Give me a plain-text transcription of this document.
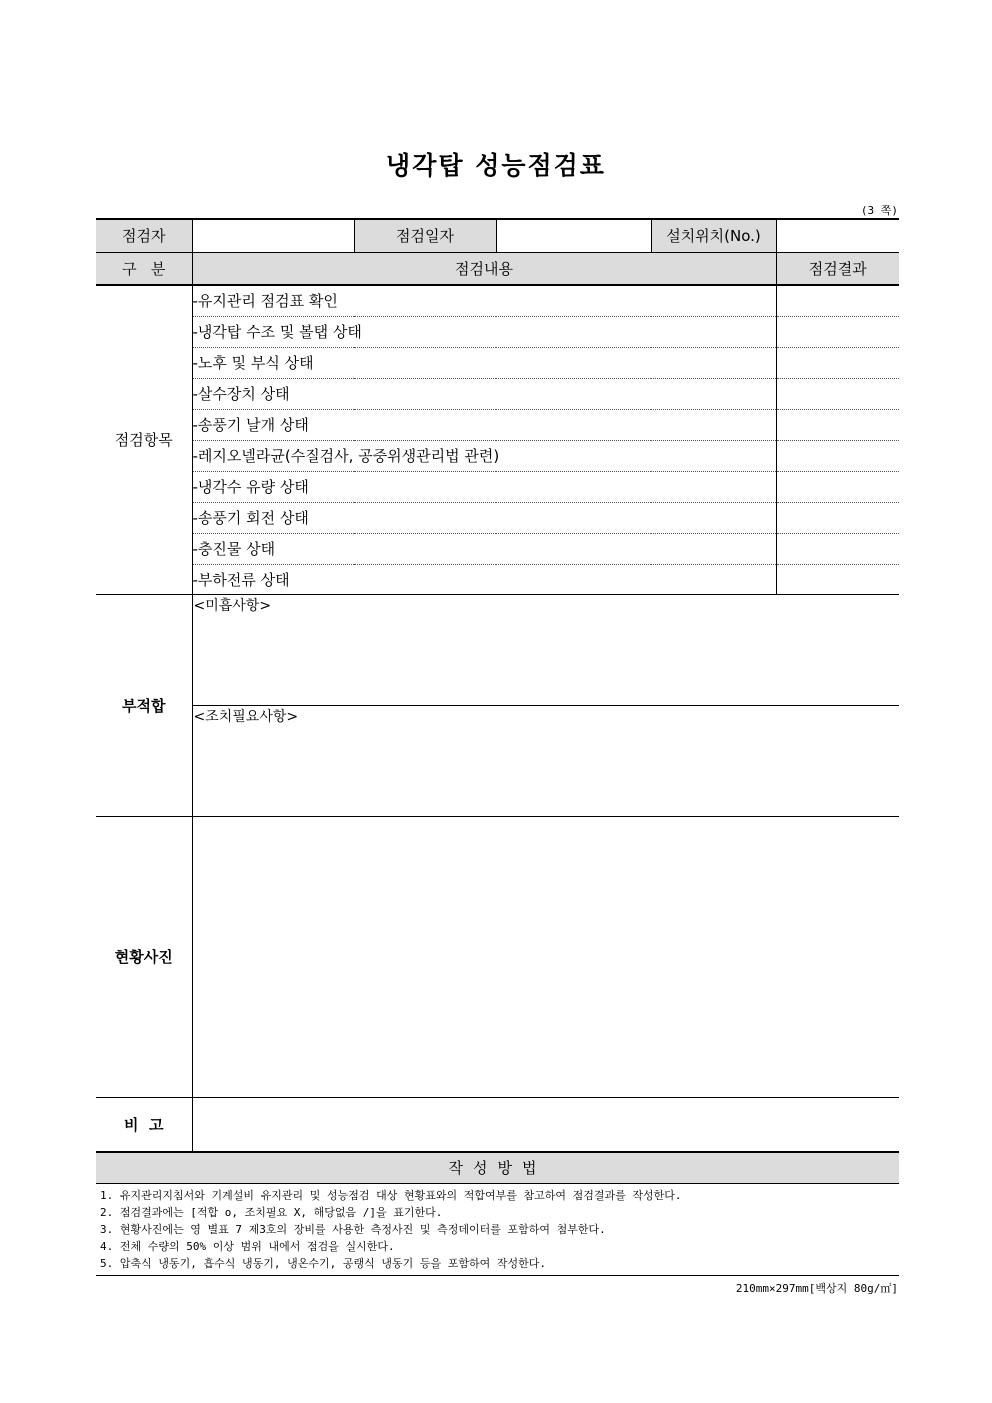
냉각탑 성능점검표
(3 쪽)
점검자		점검일자		설치위치(No.)	
구   분	점검내용				점검결과
점검항목	-유지관리 점검표 확인				
	-냉각탑 수조 및 볼탭 상태				
	-노후 및 부식 상태				
	-살수장치 상태				
	-송풍기 날개 상태				
	-레지오넬라균(수질검사, 공중위생관리법 관련)				
	-냉각수 유량 상태				
	-송풍기 회전 상태				
	-충진물 상태				
	-부하전류 상태				
부적합	<미흡사항>				

	<조치필요사항>				

현황사진					
비  고					
작성방법					

1. 유지관리지침서와 기계설비 유지관리 및 성능점검 대상 현황표와의 적합여부를 참고하여 점검결과를 작성한다.
2. 점검결과에는 [적합 o, 조치필요 X, 해당없음 /]을 표기한다.
3. 현황사진에는 영 별표 7 제3호의 장비를 사용한 측정사진 및 측정데이터를 포함하여 첨부한다.
4. 전체 수량의 50% 이상 범위 내에서 점검을 실시한다.
5. 압축식 냉동기, 흡수식 냉동기, 냉온수기, 공랭식 냉동기 등을 포함하여 작성한다.					
210mm×297mm[백상지 80g/㎡]
